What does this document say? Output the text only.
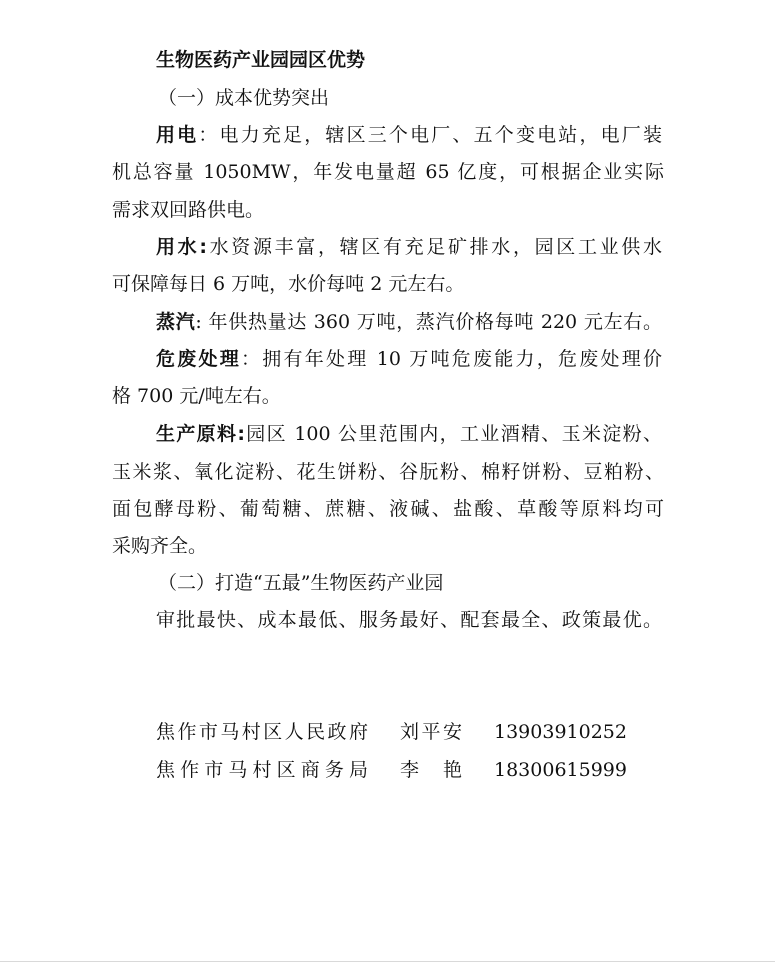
生物医药产业园园区优势
（一）成本优势突出
用电：电力充足，辖区三个电厂、五个变电站，电厂装
机总容量 1050MW，年发电量超 65 亿度，可根据企业实际
需求双回路供电。
用水:水资源丰富，辖区有充足矿排水，园区工业供水
可保障每日 6 万吨，水价每吨 2 元左右。
蒸汽: 年供热量达 360 万吨，蒸汽价格每吨 220 元左右。
危废处理：拥有年处理 10 万吨危废能力，危废处理价
格 700 元/吨左右。
生产原料:园区 100 公里范围内，工业酒精、玉米淀粉、
玉米浆、氧化淀粉、花生饼粉、谷朊粉、棉籽饼粉、豆粕粉、
面包酵母粉、葡萄糖、蔗糖、液碱、盐酸、草酸等原料均可
采购齐全。
（二）打造“五最”生物医药产业园
审批最快、成本最低、服务最好、配套最全、政策最优。
焦作市马村区人民政府 刘平安 13903910252
焦作市马村区商务局 李艳 18300615999
